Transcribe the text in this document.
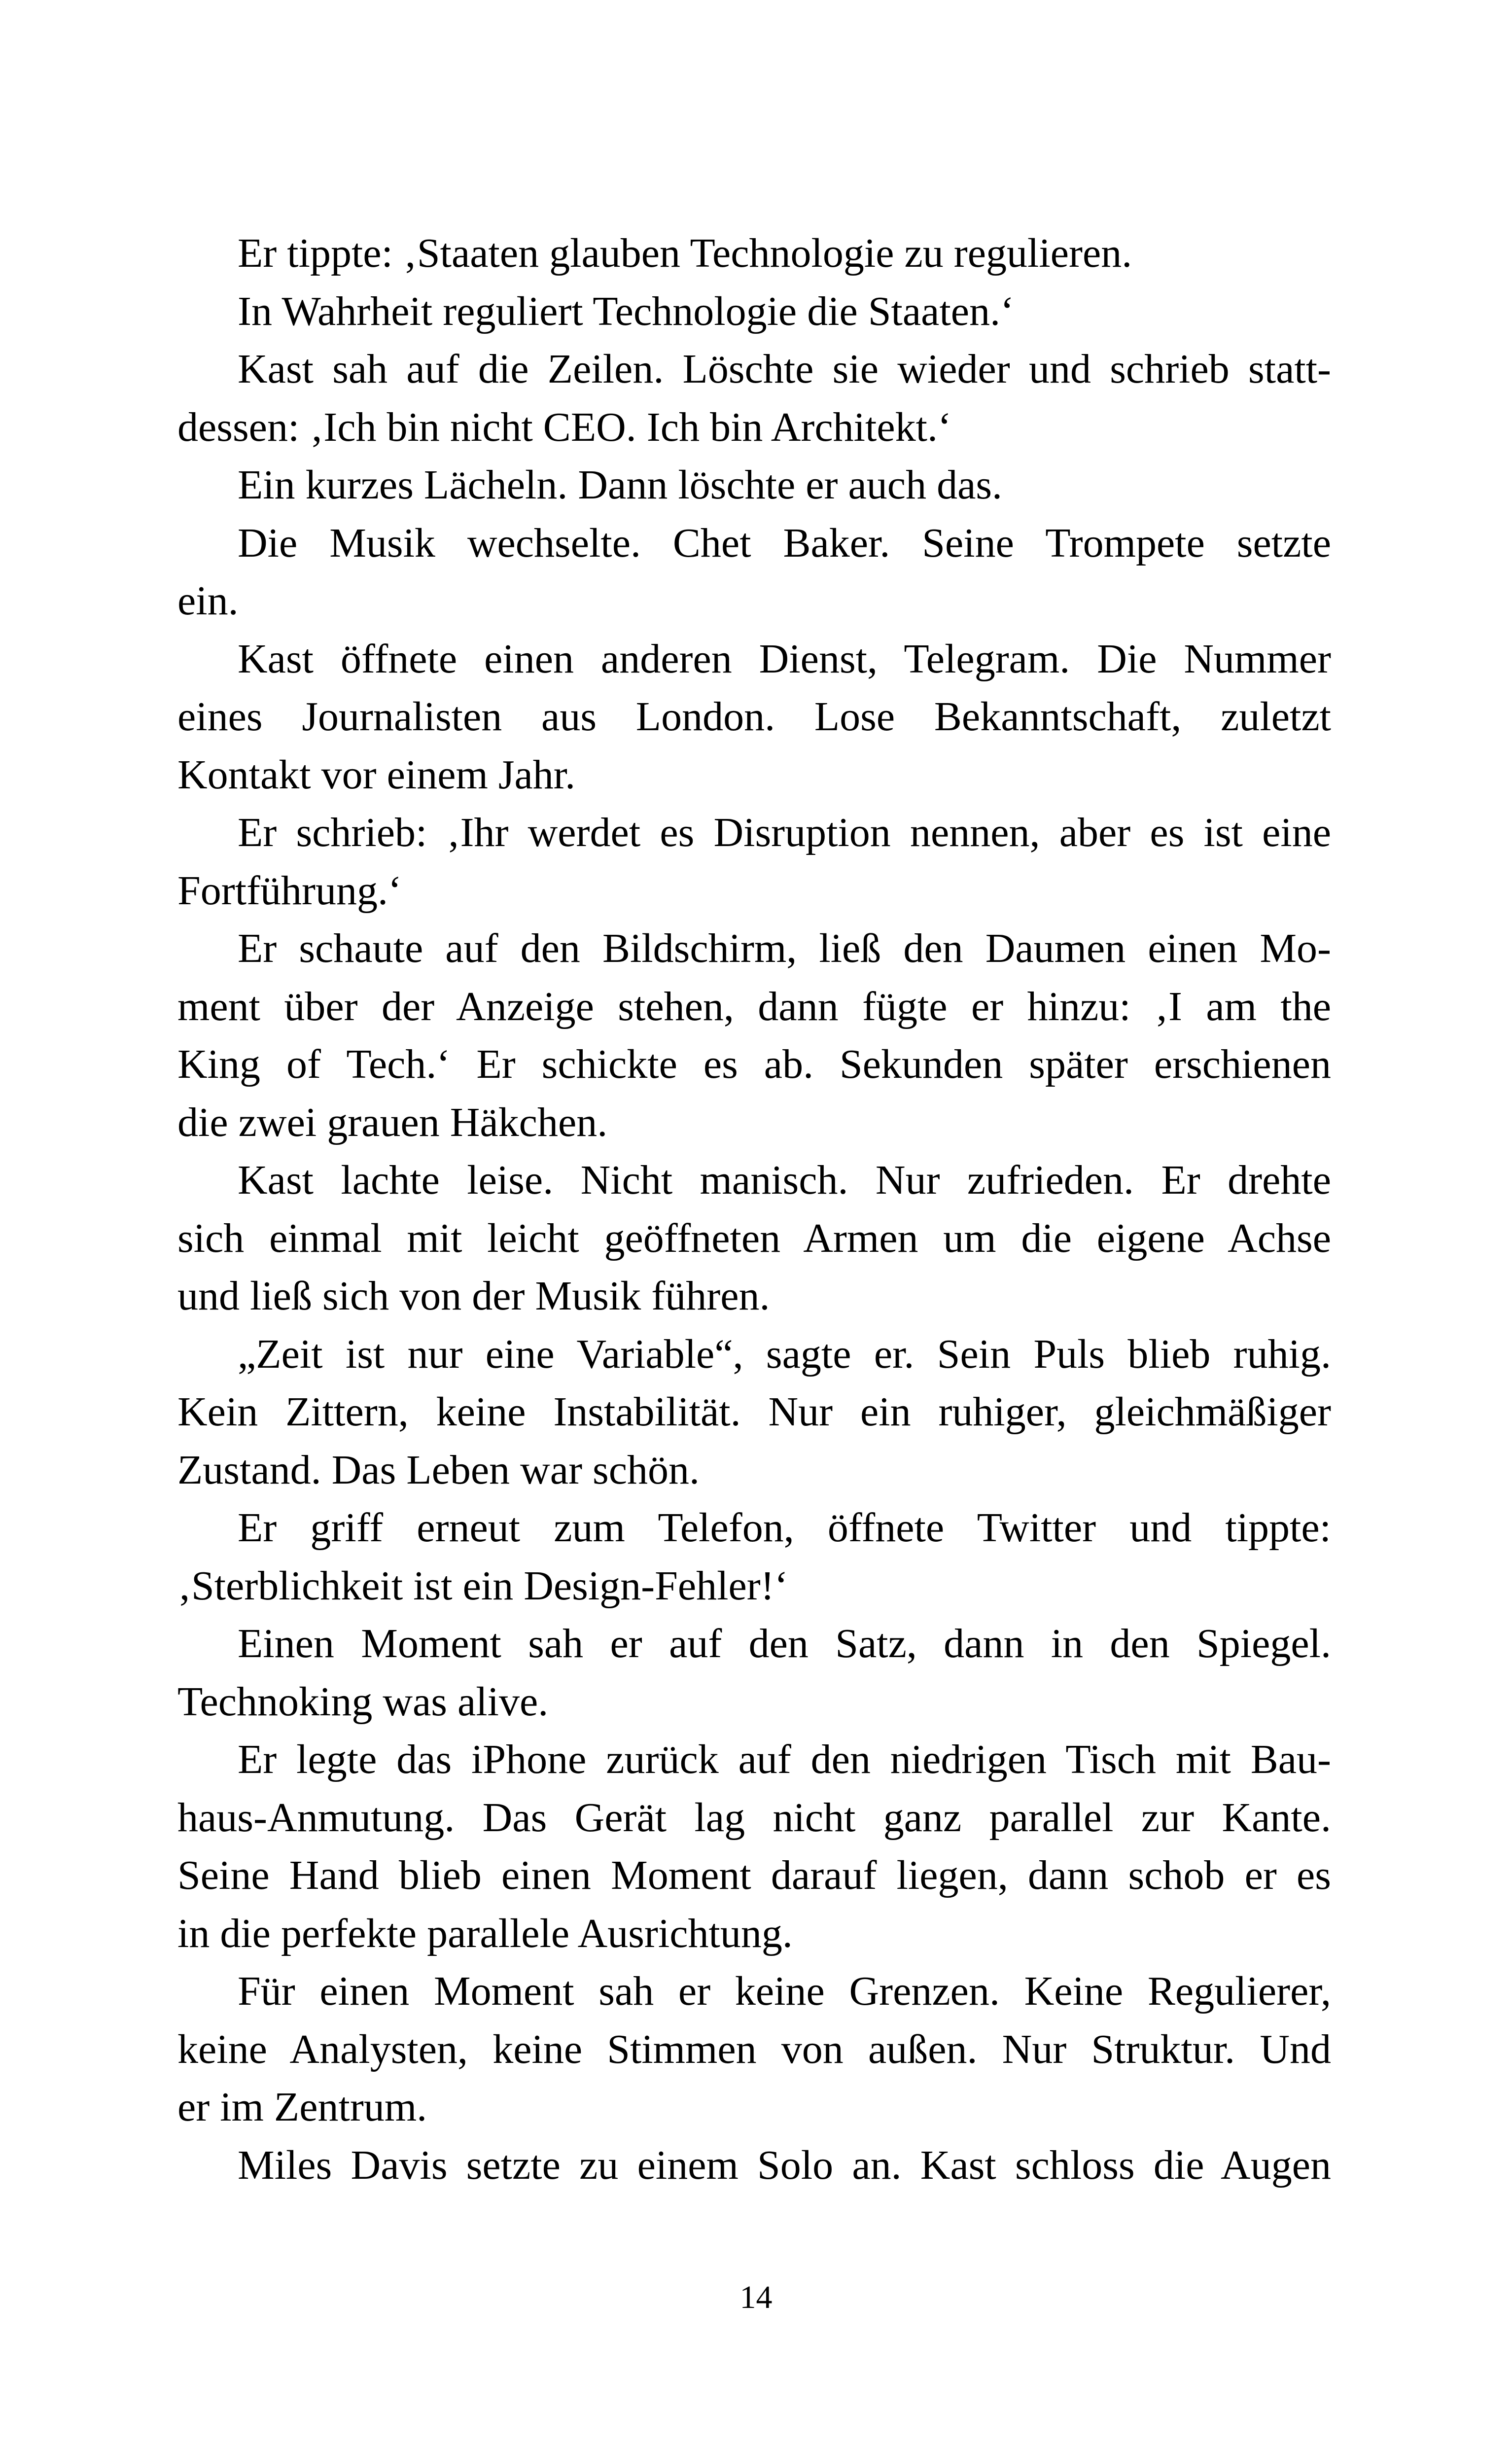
Er tippte: ‚Staaten glauben Technologie zu regulieren.
In Wahrheit reguliert Technologie die Staaten.‘
Kast sah auf die Zeilen. Löschte sie wieder und schrieb statt-
dessen: ‚Ich bin nicht CEO. Ich bin Architekt.‘
Ein kurzes Lächeln. Dann löschte er auch das.
Die Musik wechselte. Chet Baker. Seine Trompete setzte
ein.
Kast öffnete einen anderen Dienst, Telegram. Die Nummer
eines Journalisten aus London. Lose Bekanntschaft, zuletzt
Kontakt vor einem Jahr.
Er schrieb: ‚Ihr werdet es Disruption nennen, aber es ist eine
Fortführung.‘
Er schaute auf den Bildschirm, ließ den Daumen einen Mo-
ment über der Anzeige stehen, dann fügte er hinzu: ‚I am the
King of Tech.‘ Er schickte es ab. Sekunden später erschienen
die zwei grauen Häkchen.
Kast lachte leise. Nicht manisch. Nur zufrieden. Er drehte
sich einmal mit leicht geöffneten Armen um die eigene Achse
und ließ sich von der Musik führen.
„Zeit ist nur eine Variable“, sagte er. Sein Puls blieb ruhig.
Kein Zittern, keine Instabilität. Nur ein ruhiger, gleichmäßiger
Zustand. Das Leben war schön.
Er griff erneut zum Telefon, öffnete Twitter und tippte:
‚Sterblichkeit ist ein Design-Fehler!‘
Einen Moment sah er auf den Satz, dann in den Spiegel.
Technoking was alive.
Er legte das iPhone zurück auf den niedrigen Tisch mit Bau-
haus-Anmutung. Das Gerät lag nicht ganz parallel zur Kante.
Seine Hand blieb einen Moment darauf liegen, dann schob er es
in die perfekte parallele Ausrichtung.
Für einen Moment sah er keine Grenzen. Keine Regulierer,
keine Analysten, keine Stimmen von außen. Nur Struktur. Und
er im Zentrum.
Miles Davis setzte zu einem Solo an. Kast schloss die Augen
14
